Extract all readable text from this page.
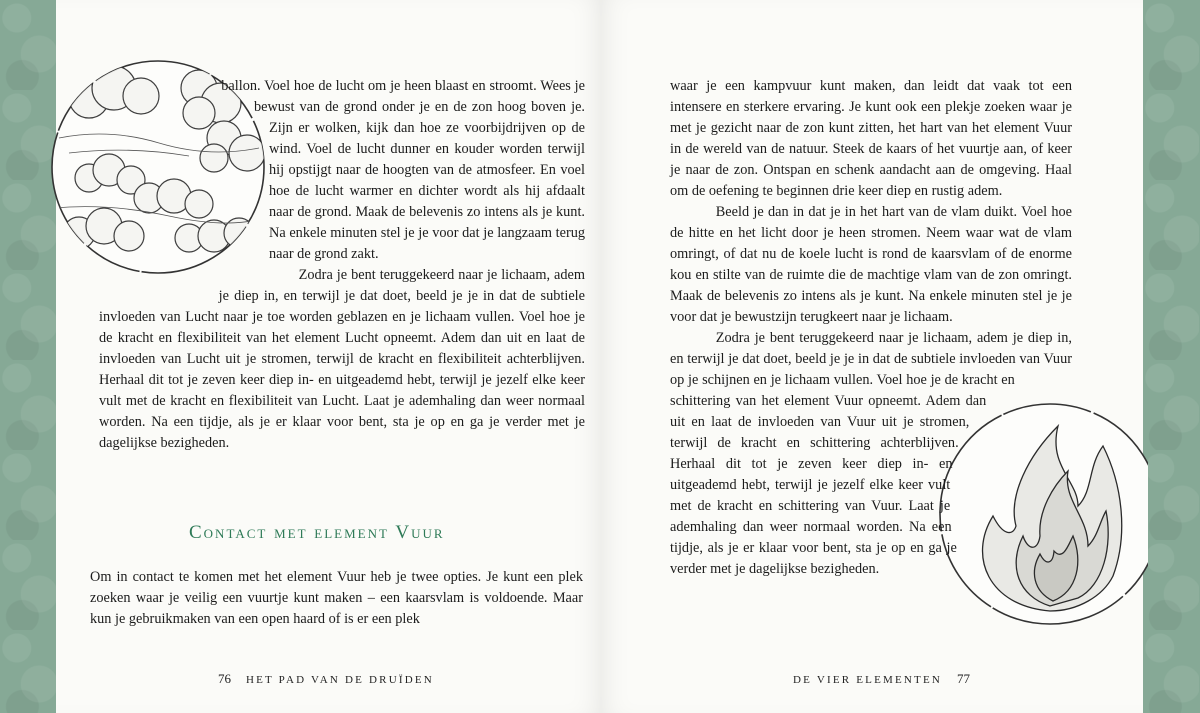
ballon. Voel hoe de lucht om je heen blaast en stroomt. Wees je bewust van de grond onder je en de zon hoog boven je. Zijn er wolken, kijk dan hoe ze voorbijdrijven op de wind. Voel de lucht dunner en kouder worden terwijl hij opstijgt naar de hoogten van de atmosfeer. En voel hoe de lucht warmer en dichter wordt als hij afdaalt naar de grond. Maak de belevenis zo intens als je kunt. Na enkele minuten stel je je voor dat je langzaam terug naar de grond zakt.

Zodra je bent teruggekeerd naar je lichaam, adem je diep in, en terwijl je dat doet, beeld je je in dat de subtiele invloeden van Lucht naar je toe worden geblazen en je lichaam vullen. Voel hoe je de kracht en flexibiliteit van het element Lucht opneemt. Adem dan uit en laat de invloeden van Lucht uit je stromen, terwijl de kracht en flexibiliteit achterblijven. Herhaal dit tot je zeven keer diep in- en uitgeademd hebt, terwijl je jezelf elke keer vult met de kracht en flexibiliteit van Lucht. Laat je ademhaling dan weer normaal worden. Na een tijdje, als je er klaar voor bent, sta je op en ga je verder met je dagelijkse bezigheden.

Contact met element Vuur

Om in contact te komen met het element Vuur heb je twee opties. Je kunt een plek zoeken waar je veilig een vuurtje kunt maken – een kaarsvlam is voldoende. Maar kun je gebruikmaken van een open haard of is er een plek

76 HET PAD VAN DE DRUÏDEN

waar je een kampvuur kunt maken, dan leidt dat vaak tot een intensere en sterkere ervaring. Je kunt ook een plekje zoeken waar je met je gezicht naar de zon kunt zitten, het hart van het element Vuur in de wereld van de natuur. Steek de kaars of het vuurtje aan, of keer je naar de zon. Ontspan en schenk aandacht aan de omgeving. Haal om de oefening te beginnen drie keer diep en rustig adem.

Beeld je dan in dat je in het hart van de vlam duikt. Voel hoe de hitte en het licht door je heen stromen. Neem waar wat de vlam omringt, of dat nu de koele lucht is rond de kaarsvlam of de enorme kou en stilte van de ruimte die de machtige vlam van de zon omringt. Maak de belevenis zo intens als je kunt. Na enkele minuten stel je je voor dat je bewustzijn terugkeert naar je lichaam.

Zodra je bent teruggekeerd naar je lichaam, adem je diep in, en terwijl je dat doet, beeld je je in dat de subtiele invloeden van Vuur op je schijnen en je lichaam vullen. Voel hoe je de kracht en schittering van het element Vuur opneemt. Adem dan uit en laat de invloeden van Vuur uit je stromen, terwijl de kracht en schittering achterblijven. Herhaal dit tot je zeven keer diep in- en uitgeademd hebt, terwijl je jezelf elke keer vult met de kracht en schittering van Vuur. Laat je ademhaling dan weer normaal worden. Na een tijdje, als je er klaar voor bent, sta je op en ga je verder met je dagelijkse bezigheden.

DE VIER ELEMENTEN 77
